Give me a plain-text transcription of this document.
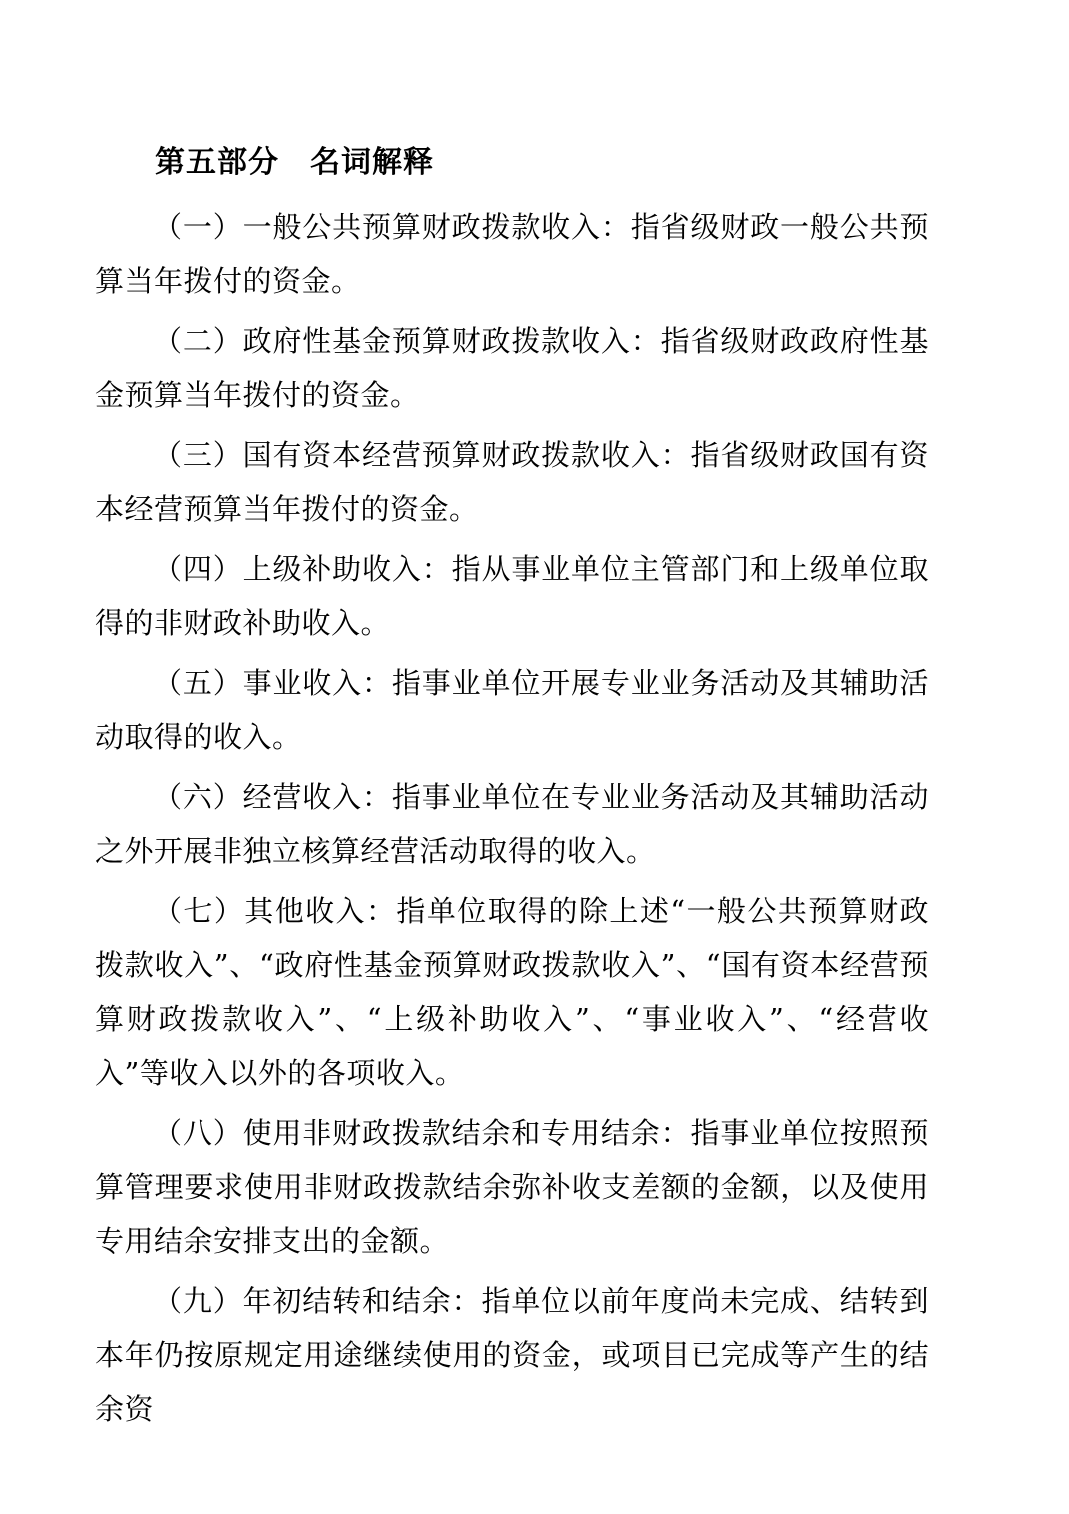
第五部分　名词解释

（一）一般公共预算财政拨款收入：指省级财政一般公共预算当年拨付的资金。

（二）政府性基金预算财政拨款收入：指省级财政政府性基金预算当年拨付的资金。

（三）国有资本经营预算财政拨款收入：指省级财政国有资本经营预算当年拨付的资金。

（四）上级补助收入：指从事业单位主管部门和上级单位取得的非财政补助收入。

（五）事业收入：指事业单位开展专业业务活动及其辅助活动取得的收入。

（六）经营收入：指事业单位在专业业务活动及其辅助活动之外开展非独立核算经营活动取得的收入。

（七）其他收入：指单位取得的除上述“一般公共预算财政拨款收入”、“政府性基金预算财政拨款收入”、“国有资本经营预算财政拨款收入”、“上级补助收入”、“事业收入”、“经营收入”等收入以外的各项收入。

（八）使用非财政拨款结余和专用结余：指事业单位按照预算管理要求使用非财政拨款结余弥补收支差额的金额，以及使用专用结余安排支出的金额。

（九）年初结转和结余：指单位以前年度尚未完成、结转到本年仍按原规定用途继续使用的资金，或项目已完成等产生的结余资
